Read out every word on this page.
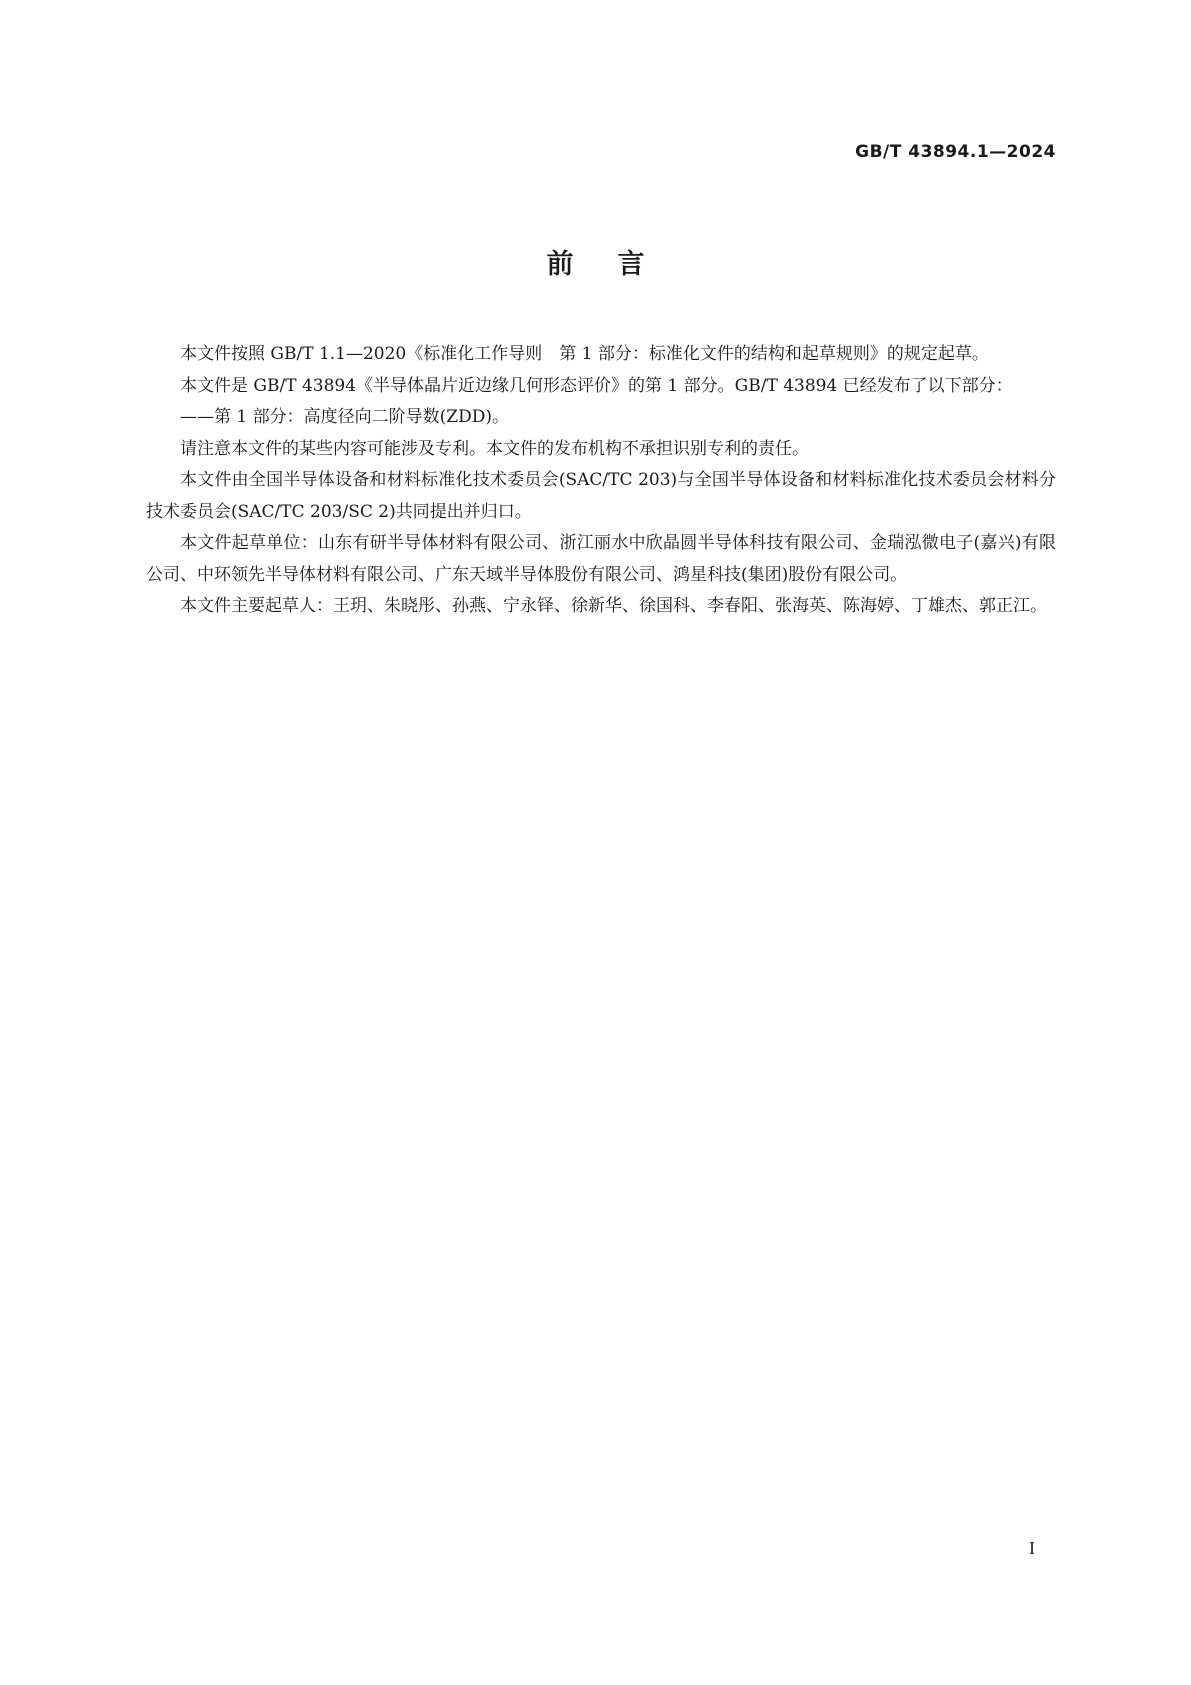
GB/T 43894.1—2024
前言

本文件按照 GB/T 1.1—2020《标准化工作导则　第 1 部分：标准化文件的结构和起草规则》的规定起草。

本文件是 GB/T 43894《半导体晶片近边缘几何形态评价》的第 1 部分。GB/T 43894 已经发布了以下部分：

——第 1 部分：高度径向二阶导数(ZDD)。

请注意本文件的某些内容可能涉及专利。本文件的发布机构不承担识别专利的责任。

本文件由全国半导体设备和材料标准化技术委员会(SAC/TC 203)与全国半导体设备和材料标准化技术委员会材料分技术委员会(SAC/TC 203/SC 2)共同提出并归口。

本文件起草单位：山东有研半导体材料有限公司、浙江丽水中欣晶圆半导体科技有限公司、金瑞泓微电子(嘉兴)有限公司、中环领先半导体材料有限公司、广东天域半导体股份有限公司、鸿星科技(集团)股份有限公司。

本文件主要起草人：王玥、朱晓彤、孙燕、宁永铎、徐新华、徐国科、李春阳、张海英、陈海婷、丁雄杰、郭正江。

I
